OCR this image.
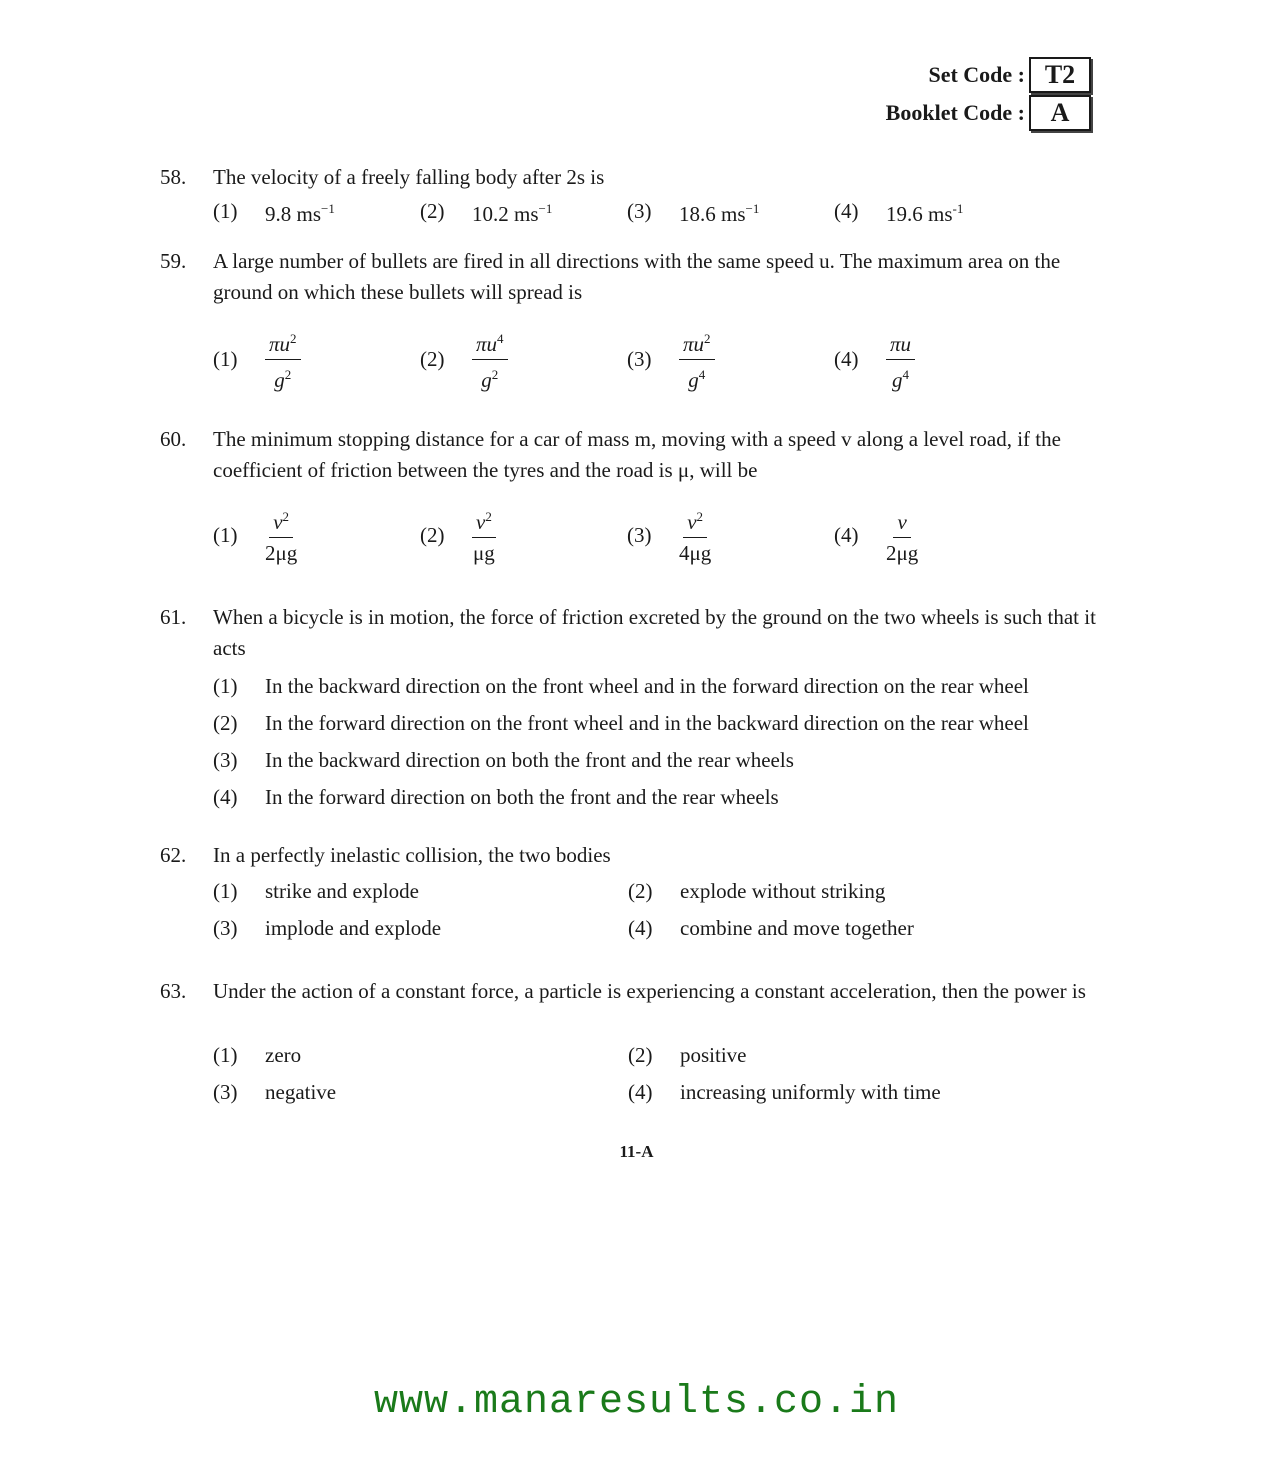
Set Code : T2
Booklet Code : A
58.	The velocity of a freely falling body after 2s is
(1)	9.8 $ms^{-1}$	(2)	10.2 $ms^{-1}$	(3)	18.6 $ms^{-1}$	(4)	19.6 $ms^{-1}$
59.	A large number of bullets are fired in all directions with the same speed u. The maximum area on the ground on which these bullets will spread is
(1)	$\frac{\pi u^2}{g^2}$	(2)	$\frac{\pi u^4}{g^2}$	(3)	$\frac{\pi u^2}{g^4}$	(4)	$\frac{\pi u}{g^4}$
60.	The minimum stopping distance for a car of mass m, moving with a speed v along a level road, if the coefficient of friction between the tyres and the road is μ, will be
(1)	$\frac{v^2}{2\mu g}$	(2)	$\frac{v^2}{\mu g}$	(3)	$\frac{v^2}{4\mu g}$	(4)	$\frac{v}{2\mu g}$
61.	When a bicycle is in motion, the force of friction excreted by the ground on the two wheels is such that it acts
(1)	In the backward direction on the front wheel and in the forward direction on the rear wheel
(2)	In the forward direction on the front wheel and in the backward direction on the rear wheel
(3)	In the backward direction on both the front and the rear wheels
(4)	In the forward direction on both the front and the rear wheels
62.	In a perfectly inelastic collision, the two bodies
(1)	strike and explode	(2)	explode without striking
(3)	implode and explode	(4)	combine and move together
63.	Under the action of a constant force, a particle is experiencing a constant acceleration, then the power is
(1)	zero	(2)	positive
(3)	negative	(4)	increasing uniformly with time
11-A
www.manaresults.co.in
